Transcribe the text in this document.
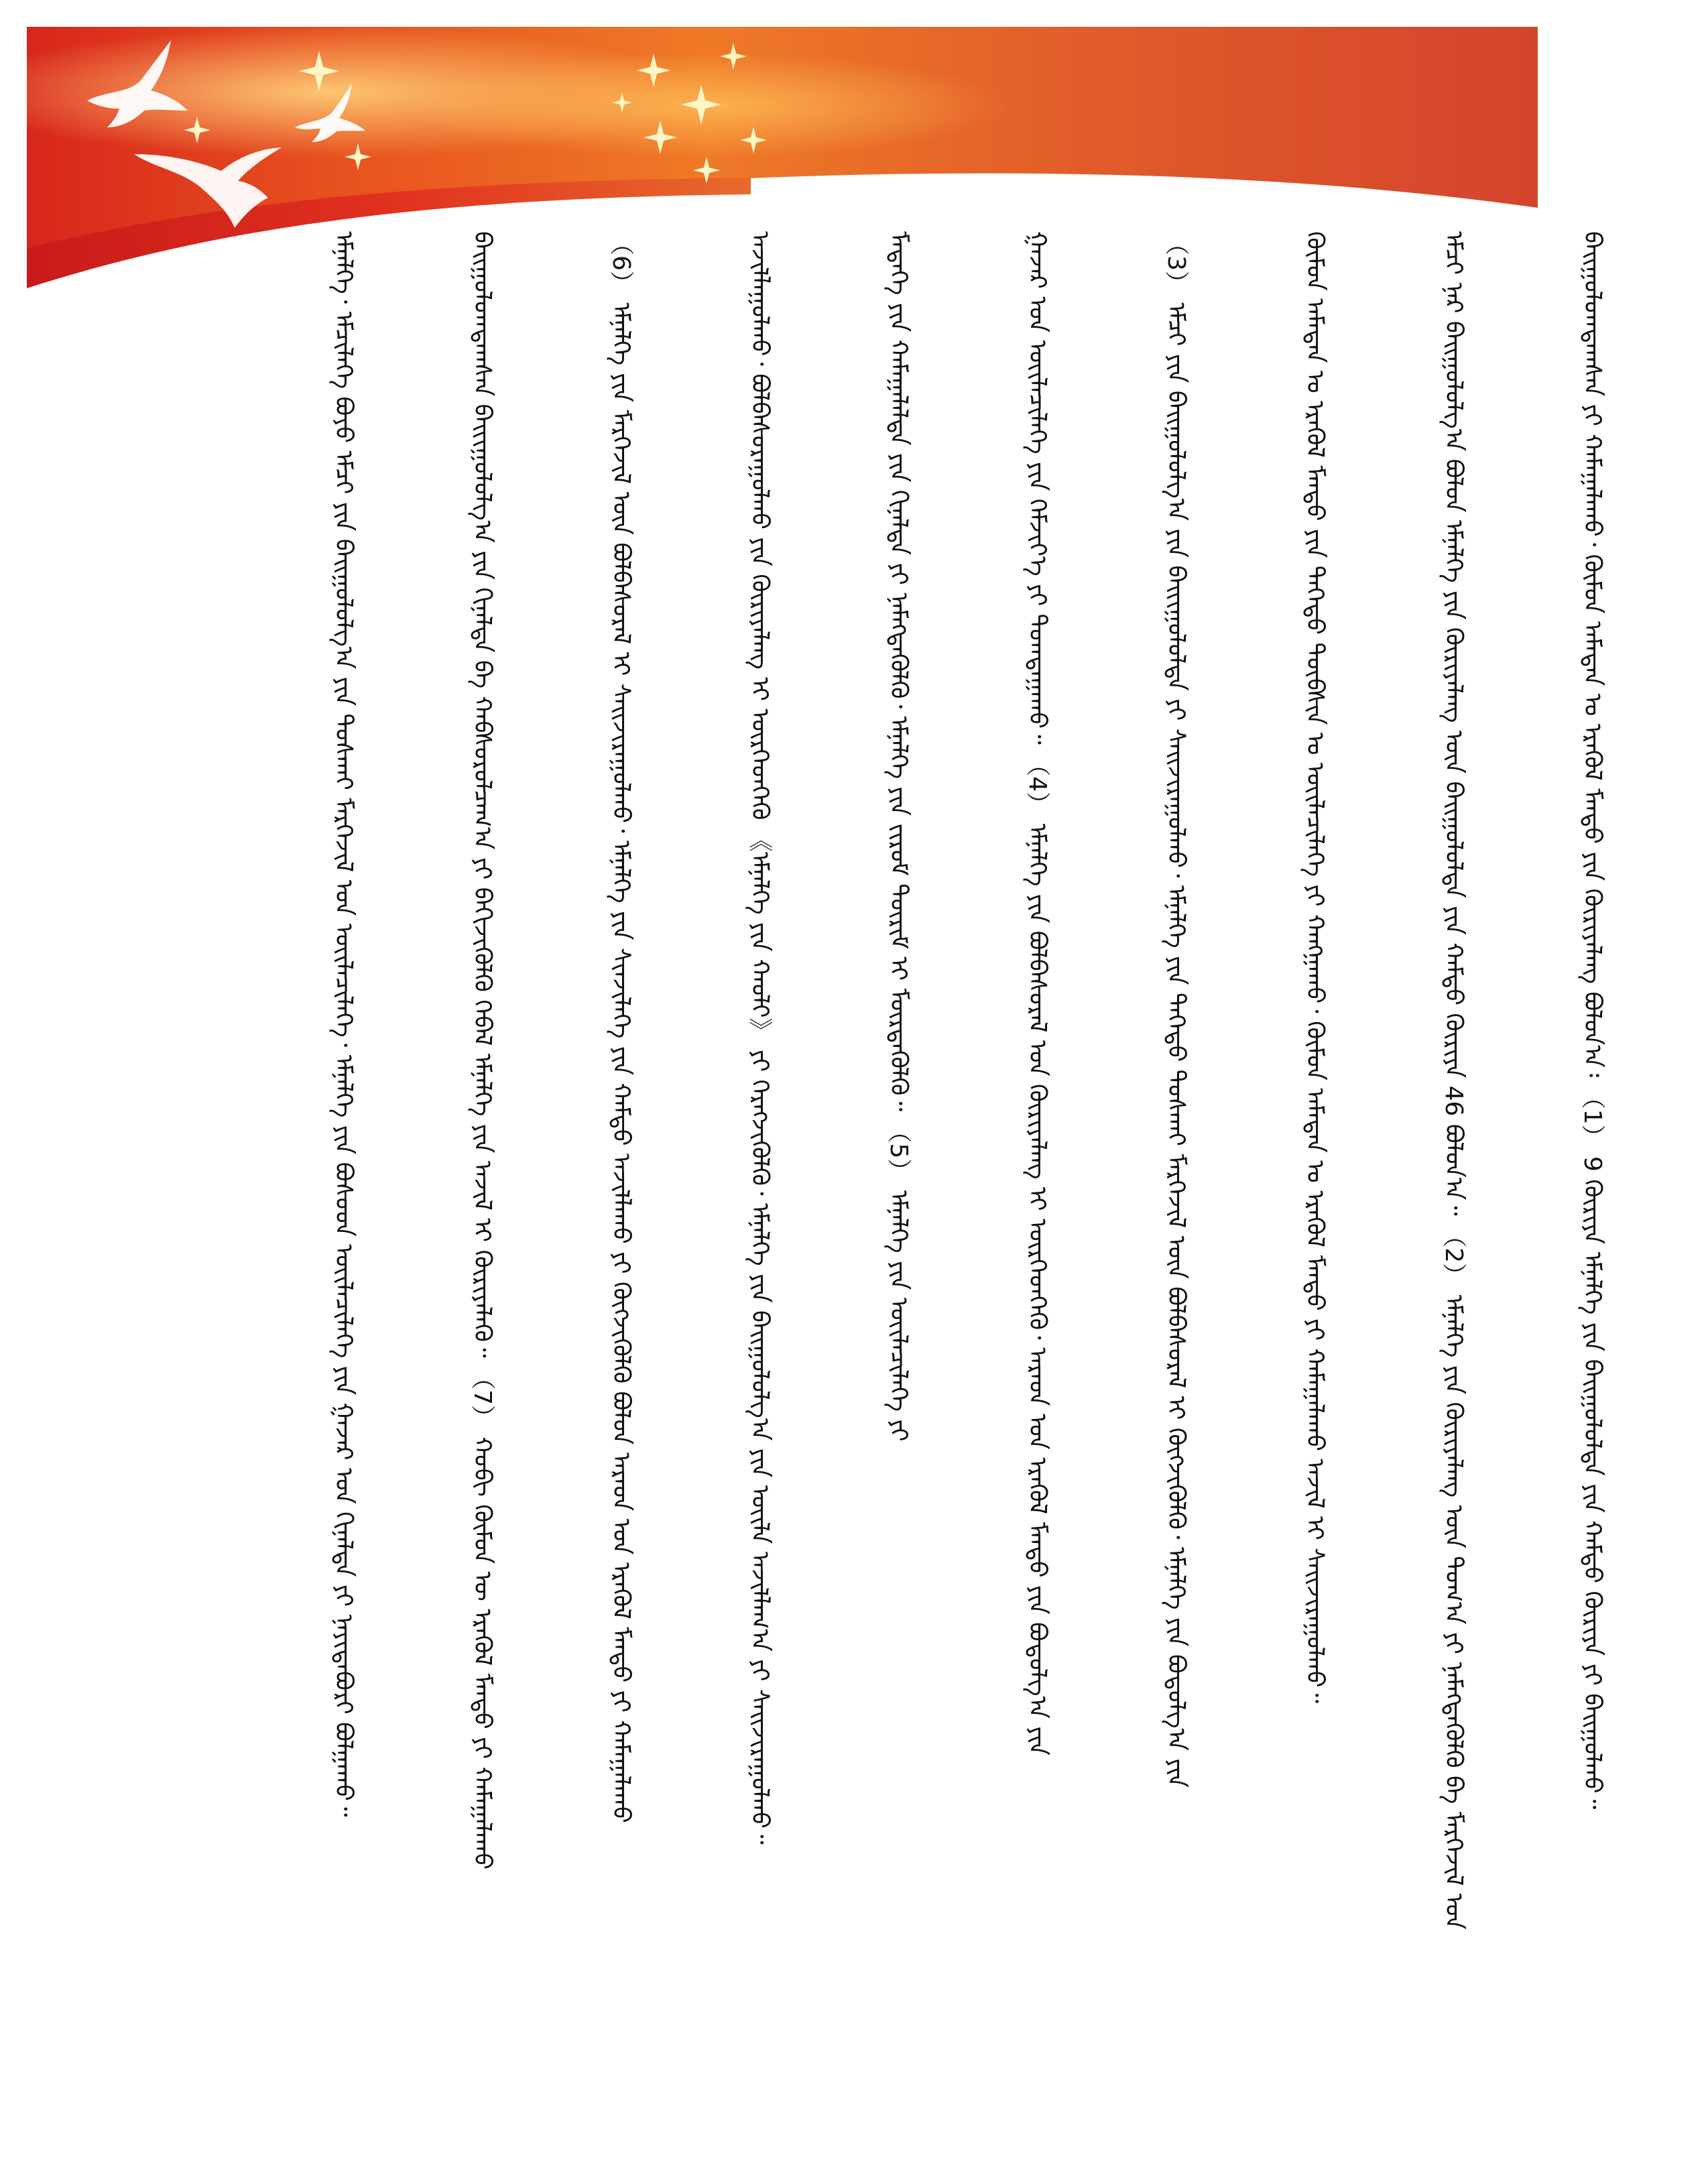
ᠡᠮᠨᠡᠯᠭᠡ᠂ ᠡᠮᠴᠢᠯᠡᠭᠡ ᠪᠤᠶᠤ ᠡᠮᠴᠢ ᠶᠢᠨ ᠪᠠᠢᠭᠤᠯᠤᠯᠭ᠎ᠠ ᠶᠢᠨ ᠲᠤᠰᠬᠠᠢ ᠮᠡᠷᠭᠡᠵᠢᠯ ᠤᠨ ᠦᠢᠯᠡᠴᠢᠯᠡᠭᠡ᠂ ᠡᠮᠨᠡᠯᠭᠡ ᠶᠢᠨ ᠪᠤᠰᠤᠳ ᠦᠢᠯᠡᠴᠢᠯᠡᠭᠡ ᠶᠢᠨ ᠭᠠᠵᠠᠷ ᠤᠨ ᠬᠢᠨᠠᠯᠲᠠ ᠶᠢ ᠨᠠᠶᠢᠳᠠᠪᠤᠷᠢ ᠪᠣᠯᠭᠠᠬᠤ᠃

	ᠪᠠᠢᠭᠤᠯᠤᠭᠳᠠᠭᠰᠠᠨ ᠪᠠᠢᠢᠭᠤᠯᠤᠯᠭ᠎ᠠ ᠶᠢᠨ ᠬᠢᠨᠠᠯᠲᠠ ᠪᠠ ᠬᠠᠪᠰᠤᠷᠤᠯᠴᠠᠭ᠎ᠠ ᠶᠢ ᠪᠡᠬᠢᠵᠢᠭᠦᠯᠬᠦ ᠭᠡᠪᠡᠯ ᠡᠮᠨᠡᠯᠭᠡ ᠶᠢᠨ ᠠᠵᠢᠯ ᠢ ᠬᠦᠷᠢᠶᠡᠯᠡᠬᠦ᠃ （7） ᠬᠤᠪᠢ ᠬᠦᠮᠦᠨ ᠦ ᠡᠷᠡᠭᠦᠯ ᠮᠡᠨᠳᠦ ᠶᠢ ᠬᠠᠮᠠᠭᠠᠯᠠᠬᠤ

	（6） ᠡᠮᠨᠡᠯᠭᠡ ᠶᠢᠨ ᠮᠡᠷᠭᠡᠵᠢᠯ ᠦᠨ ᠪᠣᠯᠪᠠᠰᠤᠷᠠᠯ ᠢ ᠰᠠᠢᠵᠢᠷᠠᠭᠤᠯᠬᠤ᠂ ᠡᠮᠨᠡᠯᠭᠡ ᠶᠢᠨ ᠰᠢᠨᠵᠢᠯᠡᠭᠡ ᠶᠢᠨ ᠬᠠᠮᠲᠤ ᠠᠵᠢᠯᠯᠠᠬᠤ ᠶᠢ ᠬᠦᠭᠵᠢᠭᠦᠯᠬᠦ ᠪᠣᠯᠤᠨ ᠠᠷᠠᠳ ᠤᠨ ᠡᠷᠡᠭᠦᠯ ᠮᠡᠨᠳᠦ ᠶᠢ ᠬᠠᠮᠠᠭᠠᠯᠠᠬᠤ

	ᠠᠵᠢᠯᠯᠠᠭᠤᠯᠬᠤ᠂ ᠪᠣᠯᠪᠠᠰᠤᠷᠠᠭᠤᠯᠬᠤ ᠶᠢᠨ ᠬᠦᠷᠢᠶᠡᠯᠡᠩ ᠢ ᠥᠷᠭᠡᠳᠬᠡᠬᠦ 《ᠡᠮᠨᠡᠯᠭᠡ ᠶᠢᠨ ᠬᠠᠤᠯᠢ》 ᠶᠢ ᠬᠡᠷᠡᠭᠵᠢᠭᠦᠯᠬᠦ᠂ ᠡᠮᠨᠡᠯᠭᠡ ᠶᠢᠨ ᠪᠠᠢᠭᠤᠯᠤᠯᠭ᠎ᠠ ᠶᠢᠨ ᠦᠢᠯᠡ ᠠᠵᠢᠯᠯᠠᠭ᠎ᠠ ᠶᠢ ᠰᠠᠢᠵᠢᠷᠠᠭᠤᠯᠬᠤ᠃

	ᠮᠡᠳᠡᠭᠡ ᠶᠢᠨ ᠬᠠᠮᠠᠭᠠᠯᠠᠯᠲᠠ ᠶᠢᠨ ᠬᠢᠨᠠᠯᠲᠠ ᠶᠢ ᠨᠡᠮᠡᠭᠳᠡᠭᠦᠯᠬᠦ᠂ ᠡᠮᠨᠡᠯᠭᠡ ᠶᠢᠨ ᠵᠢᠷᠤᠮ ᠳᠦᠷᠢᠮ ᠢ ᠮᠥᠷᠳᠡᠭᠦᠯᠬᠦ᠃ （5） ᠡᠮᠨᠡᠯᠭᠡ ᠶᠢᠨ ᠦᠢᠯᠡᠴᠢᠯᠡᠭᠡ ᠶᠢ

	ᠭᠠᠵᠠᠷ ᠤᠨ ᠦᠢᠯᠡᠴᠢᠯᠡᠭᠡ ᠶᠢᠨ ᠬᠡᠮᠵᠢᠶ᠎ᠡ ᠶᠢ ᠲᠣᠭᠲᠠᠭᠠᠬᠤ᠃ （4） ᠡᠮᠨᠡᠯᠭᠡ ᠶᠢᠨ ᠪᠣᠯᠪᠠᠰᠤᠷᠠᠯ ᠤᠨ ᠬᠦᠷᠢᠶᠡᠯᠡᠩ ᠢ ᠥᠷᠭᠡᠳᠬᠡᠬᠦ᠂ ᠠᠷᠠᠳ ᠤᠨ ᠡᠷᠡᠭᠦᠯ ᠮᠡᠨᠳᠦ ᠶᠢᠨ ᠪᠣᠳᠤᠯᠭ᠎ᠠ ᠶᠢᠨ

	（3） ᠡᠮᠴᠢ ᠶᠢᠨ ᠪᠠᠢᠭᠤᠯᠤᠯᠭ᠎ᠠ ᠶᠢᠨ ᠪᠠᠢᠢᠭᠤᠯᠤᠯᠲᠠ ᠶᠢ ᠰᠠᠢᠵᠢᠷᠠᠭᠤᠯᠬᠤ᠂ ᠡᠮᠨᠡᠯᠭᠡ ᠶᠢᠨ ᠳᠡᠭᠡᠳᠦ ᠲᠤᠰᠬᠠᠢ ᠮᠡᠷᠭᠡᠵᠢᠯ ᠦᠨ ᠪᠣᠯᠪᠠᠰᠤᠷᠠᠯ ᠢ ᠬᠦᠭᠵᠢᠭᠦᠯᠬᠦ᠂ ᠡᠮᠨᠡᠯᠭᠡ ᠶᠢᠨ ᠪᠣᠳᠤᠯᠭ᠎ᠠ ᠶᠢᠨ

	ᠬᠦᠮᠦᠨ ᠠᠮᠠᠲᠠᠨ ᠤ ᠡᠷᠡᠭᠦᠯ ᠮᠡᠨᠳᠦ ᠶᠢᠨ ᠳᠡᠭᠡᠳᠦ ᠲᠦᠪᠰᠢᠨ ᠤ ᠦᠢᠯᠡᠴᠢᠯᠡᠭᠡ ᠶᠢ ᠬᠠᠩᠭᠠᠬᠤ᠂ ᠬᠦᠮᠦᠨ ᠠᠮᠠᠲᠠᠨ ᠤ ᠡᠷᠡᠭᠦᠯ ᠮᠡᠨᠳᠦ ᠶᠢ ᠬᠠᠮᠠᠭᠠᠯᠠᠬᠤ ᠠᠵᠢᠯ ᠢ ᠰᠠᠢᠵᠢᠷᠠᠭᠤᠯᠬᠤ᠃

	ᠡᠮᠴᠢ ᠨᠠᠷ ᠪᠠᠢᠭᠤᠯᠤᠯᠭ᠎ᠠ ᠪᠣᠯᠤᠨ ᠡᠮᠨᠡᠯᠭᠡ ᠶᠢᠨ ᠬᠦᠷᠢᠶᠡᠯᠡᠩ ᠦᠨ ᠪᠠᠢᠭᠤᠯᠤᠯᠲᠠ ᠶᠢᠨ ᠬᠠᠮᠲᠤ ᠬᠦᠷᠢᠶᠡ 46 ᠪᠣᠯᠤᠨ᠎ᠠ᠃ （2） ᠡᠮᠨᠡᠯᠭᠡ ᠶᠢᠨ ᠬᠦᠷᠢᠶᠡᠯᠡᠩ ᠦᠨ ᠲᠣᠭ᠎ᠠ ᠶᠢ ᠨᠡᠮᠡᠭᠳᠡᠭᠦᠯᠬᠦ ᠪᠠ ᠮᠡᠷᠭᠡᠵᠢᠯ ᠤᠨ

	ᠪᠠᠢᠭᠤᠯᠤᠭᠳᠠᠭᠰᠠᠨ ᠶᠢ ᠬᠠᠮᠠᠭᠠᠯᠠᠬᠤ᠂ ᠬᠦᠮᠦᠨ ᠠᠮᠠᠲᠠᠨ ᠤ ᠡᠷᠡᠭᠦᠯ ᠮᠡᠨᠳᠦ ᠶᠢᠨ ᠬᠦᠷᠢᠶᠡᠯᠡᠩ ᠪᠣᠯᠤᠨ᠎ᠠ᠄ （1） 9 ᠬᠦᠷᠢᠶᠡ ᠡᠮᠨᠡᠯᠭᠡ ᠶᠢᠨ ᠪᠠᠢᠭᠤᠯᠤᠯᠲᠠ ᠶᠢᠨ ᠬᠠᠮᠲᠤ ᠬᠦᠷᠢᠶᠡ ᠶᠢ ᠪᠠᠢᠭᠤᠯᠬᠤ᠃
